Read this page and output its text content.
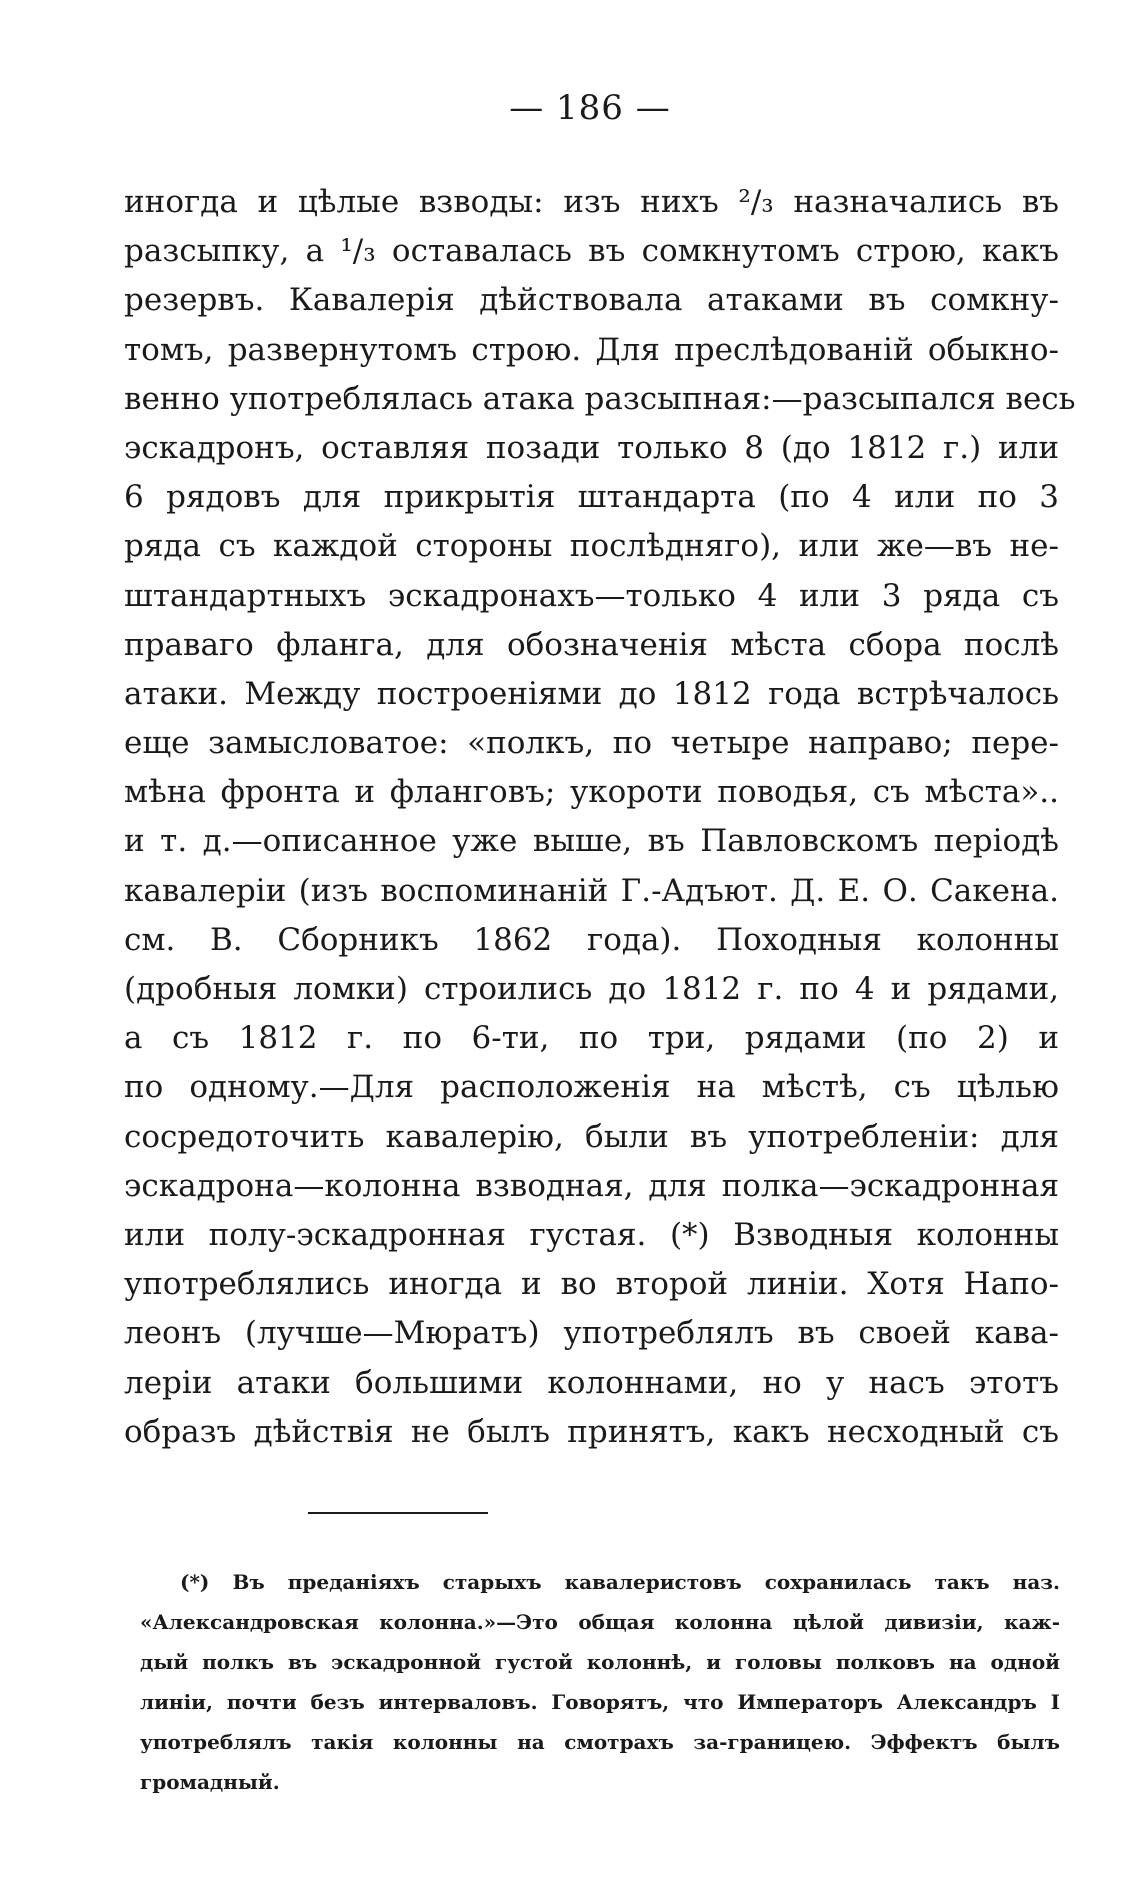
— 186 —
иногда и цѣлые взводы: изъ нихъ ²/₃ назначались въ
разсыпку, а ¹/₃ оставалась въ сомкнутомъ строю, какъ
резервъ. Кавалерія дѣйствовала атаками въ сомкну-
томъ, развернутомъ строю. Для преслѣдованій обыкно-
венно употреблялась атака разсыпная:—разсыпался весь
эскадронъ, оставляя позади только 8 (до 1812 г.) или
6 рядовъ для прикрытія штандарта (по 4 или по 3
ряда съ каждой стороны послѣдняго), или же—въ не-
штандартныхъ эскадронахъ—только 4 или 3 ряда съ
праваго фланга, для обозначенія мѣста сбора послѣ
атаки. Между построеніями до 1812 года встрѣчалось
еще замысловатое: «полкъ, по четыре направо; пере-
мѣна фронта и фланговъ; укороти поводья, съ мѣста»..
и т. д.—описанное уже выше, въ Павловскомъ періодѣ
кавалеріи (изъ воспоминаній Г.-Адъют. Д. Е. О. Сакена.
см. В. Сборникъ 1862 года). Походныя колонны
(дробныя ломки) строились до 1812 г. по 4 и рядами,
а съ 1812 г. по 6-ти, по три, рядами (по 2) и
по одному.—Для расположенія на мѣстѣ, съ цѣлью
сосредоточить кавалерію, были въ употребленіи: для
эскадрона—колонна взводная, для полка—эскадронная
или полу-эскадронная густая. (*) Взводныя колонны
употреблялись иногда и во второй линіи. Хотя Напо-
леонъ (лучше—Мюратъ) употреблялъ въ своей кава-
леріи атаки большими колоннами, но у насъ этотъ
образъ дѣйствія не былъ принятъ, какъ несходный съ
(*) Въ преданіяхъ старыхъ кавалеристовъ сохранилась такъ наз.
«Александровская колонна.»—Это общая колонна цѣлой дивизіи, каж-
дый полкъ въ эскадронной густой колоннѣ, и головы полковъ на одной
линіи, почти безъ интерваловъ. Говорятъ, что Императоръ Александръ I
употреблялъ такія колонны на смотрахъ за-границею. Эффектъ былъ
громадный.
